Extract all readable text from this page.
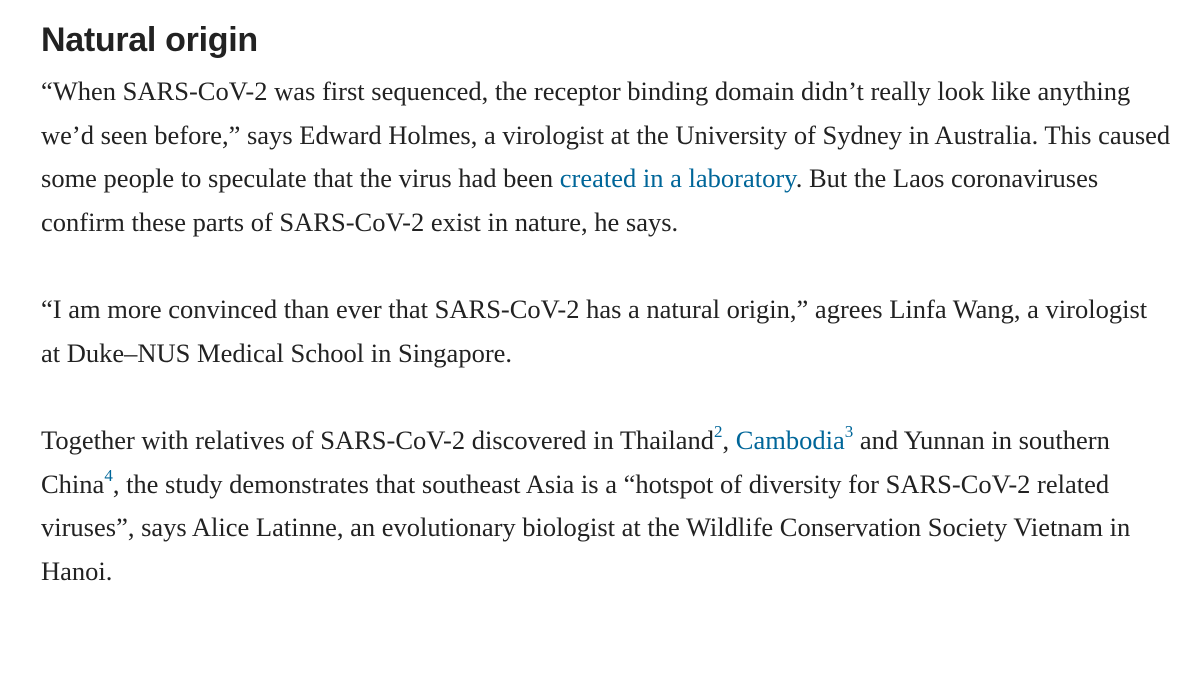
Natural origin

“When SARS-CoV-2 was first sequenced, the receptor binding domain didn’t really look like anything we’d seen before,” says Edward Holmes, a virologist at the University of Sydney in Australia. This caused some people to speculate that the virus had been created in a laboratory. But the Laos coronaviruses confirm these parts of SARS-CoV-2 exist in nature, he says.

“I am more convinced than ever that SARS-CoV-2 has a natural origin,” agrees Linfa Wang, a virologist at Duke–NUS Medical School in Singapore.

Together with relatives of SARS-CoV-2 discovered in Thailand$^2$, Cambodia$^3$ and Yunnan in southern China$^4$, the study demonstrates that southeast Asia is a “hotspot of diversity for SARS-CoV-2 related viruses”, says Alice Latinne, an evolutionary biologist at the Wildlife Conservation Society Vietnam in Hanoi.
